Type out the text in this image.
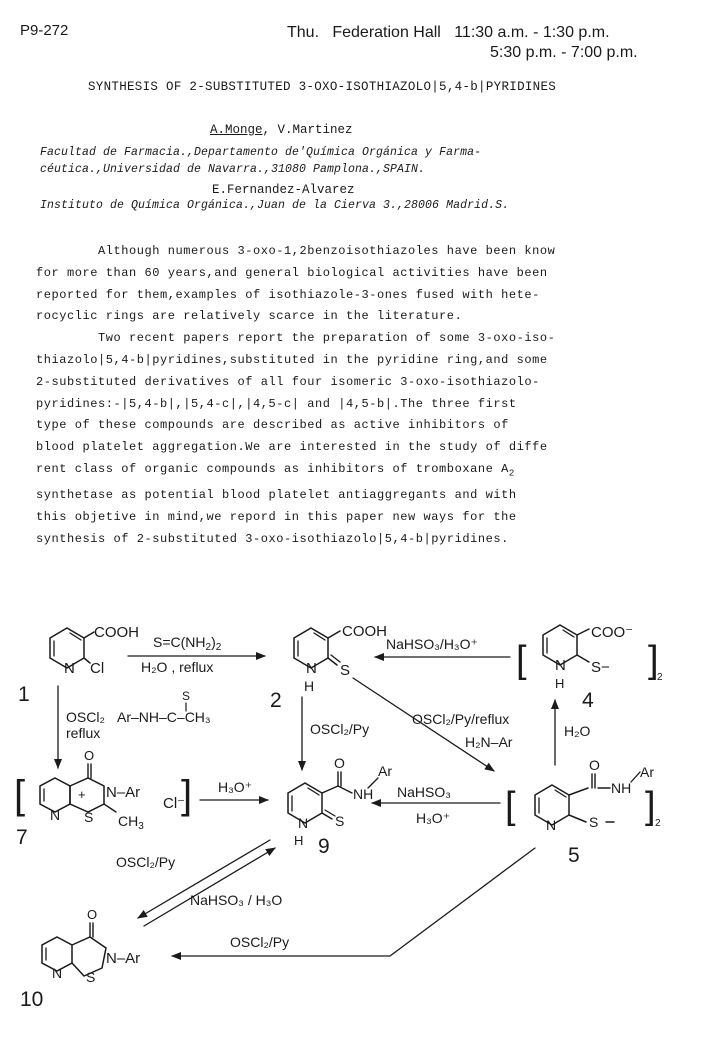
P9-272	Thu. Federation Hall 11:30 a.m. - 1:30 p.m.
5:30 p.m. - 7:00 p.m.
SYNTHESIS OF 2-SUBSTITUTED 3-OXO-ISOTHIAZOLO|5,4-b|PYRIDINES
A.Monge, V.Martinez
Facultad de Farmacia.,Departamento de'Química Orgánica y Farma-
céutica.,Universidad de Navarra.,31080 Pamplona.,SPAIN.
E.Fernandez-Alvarez
Instituto de Química Orgánica.,Juan de la Cierva 3.,28006 Madrid.S.
Although numerous 3-oxo-1,2benzoisothiazoles have been know
for more than 60 years,and general biological activities have been
reported for them,examples of isothiazole-3-ones fused with hete-
rocyclic rings are relatively scarce in the literature.
Two recent papers report the preparation of some 3-oxo-iso-
thiazolo|5,4-b|pyridines,substituted in the pyridine ring,and some
2-substituted derivatives of all four isomeric 3-oxo-isothiazolo-
pyridines:-|5,4-b|,|5,4-c|,|4,5-c| and |4,5-b|.The three first
type of these compounds are described as active inhibitors of
blood platelet aggregation.We are interested in the study of diffe
rent class of organic compounds as inhibitors of tromboxane $A_2$
synthetase as potential blood platelet antiaggregants and with
this objetive in mind,we repord in this paper new ways for the
synthesis of 2-substituted 3-oxo-isothiazolo|5,4-b|pyridines.
N
COOH
Cl
1
$S=C(NH_2)_2$
H₂O , reflux	N
H
COOH
S
2
NaHSO₃/H₃O⁺ [ N
H
COO⁻
S− ]
2
4
OSCl₂
reflux
Ar–NH–C–CH₃
S
[
O
+ N–Ar
N S $CH_3$
Cl⁻
]
7
H₃O⁺
OSCl₂/Py
OSCl₂/Py/reflux
H₂N–Ar
H₂O
O
NH
Ar
N
H
S
9
NaHSO₃
H₃O⁺ [
O
NH
Ar
N S ] 2
5
OSCl₂/Py
NaHSO₃ / H₃O
OSCl₂/Py
O
N–Ar
N S
10
